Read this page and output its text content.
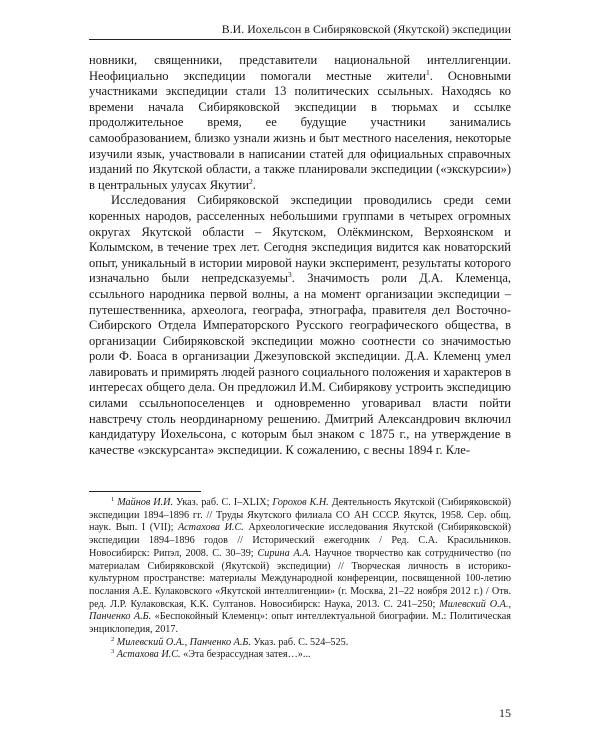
В.И. Иохельсон в Сибиряковской (Якутской) экспедиции

новники, священники, представители национальной интеллигенции. Неофициально экспедиции помогали местные жители$^1$. Основными участниками экспедиции стали 13 политических ссыльных. Находясь ко времени начала Сибиряковской экспедиции в тюрьмах и ссылке продолжительное время, ее будущие участники занимались самообразованием, близко узнали жизнь и быт местного населения, некоторые изучили язык, участвовали в написании статей для официальных справочных изданий по Якутской области, а также планировали экспедиции («экскурсии») в центральных улусах Якутии$^2$.

Исследования Сибиряковской экспедиции проводились среди семи коренных народов, расселенных небольшими группами в четырех огромных округах Якутской области – Якутском, Олёкминском, Верхоянском и Колымском, в течение трех лет. Сегодня экспедиция видится как новаторский опыт, уникальный в истории мировой науки эксперимент, результаты которого изначально были непредсказуемы$^3$. Значимость роли Д.А. Клеменца, ссыльного народника первой волны, а на момент организации экспедиции – путешественника, археолога, географа, этнографа, правителя дел Восточно-Сибирского Отдела Императорского Русского географического общества, в организации Сибиряковской экспедиции можно соотнести со значимостью роли Ф. Боаса в организации Джезуповской экспедиции. Д.А. Клеменц умел лавировать и примирять людей разного социального положения и характеров в интересах общего дела. Он предложил И.М. Сибирякову устроить экспедицию силами ссыльнопоселенцев и одновременно уговаривал власти пойти навстречу столь неординарному решению. Дмитрий Александрович включил кандидатуру Иохельсона, с которым был знаком с 1875 г., на утверждение в качестве «экскурсанта» экспедиции. К сожалению, с весны 1894 г. Кле-

$^1$ Майнов И.И. Указ. раб. С. I–XLIX; Горохов К.Н. Деятельность Якутской (Сибиряковской) экспедиции 1894–1896 гг. // Труды Якутского филиала СО АН СССР. Якутск, 1958. Сер. общ. наук. Вып. I (VII); Астахова И.С. Археологические исследования Якутской (Сибиряковской) экспедиции 1894–1896 годов // Исторический ежегодник / Ред. С.А. Красильников. Новосибирск: Рипэл, 2008. С. 30–39; Сирина А.А. Научное творчество как сотрудничество (по материалам Сибиряковской (Якутской) экспедиции) // Творческая личность в историко-культурном пространстве: материалы Международной конференции, посвященной 100-летию послания А.Е. Кулаковского «Якутской интеллигенции» (г. Москва, 21–22 ноября 2012 г.) / Отв. ред. Л.Р. Кулаковская, К.К. Султанов. Новосибирск: Наука, 2013. С. 241–250; Милевский О.А., Панченко А.Б. «Беспокойный Клеменц»: опыт интеллектуальной биографии. М.: Политическая энциклопедия, 2017.

$^2$ Милевский О.А., Панченко А.Б. Указ. раб. С. 524–525.

$^3$ Астахова И.С. «Эта безрассудная затея…»...

15
